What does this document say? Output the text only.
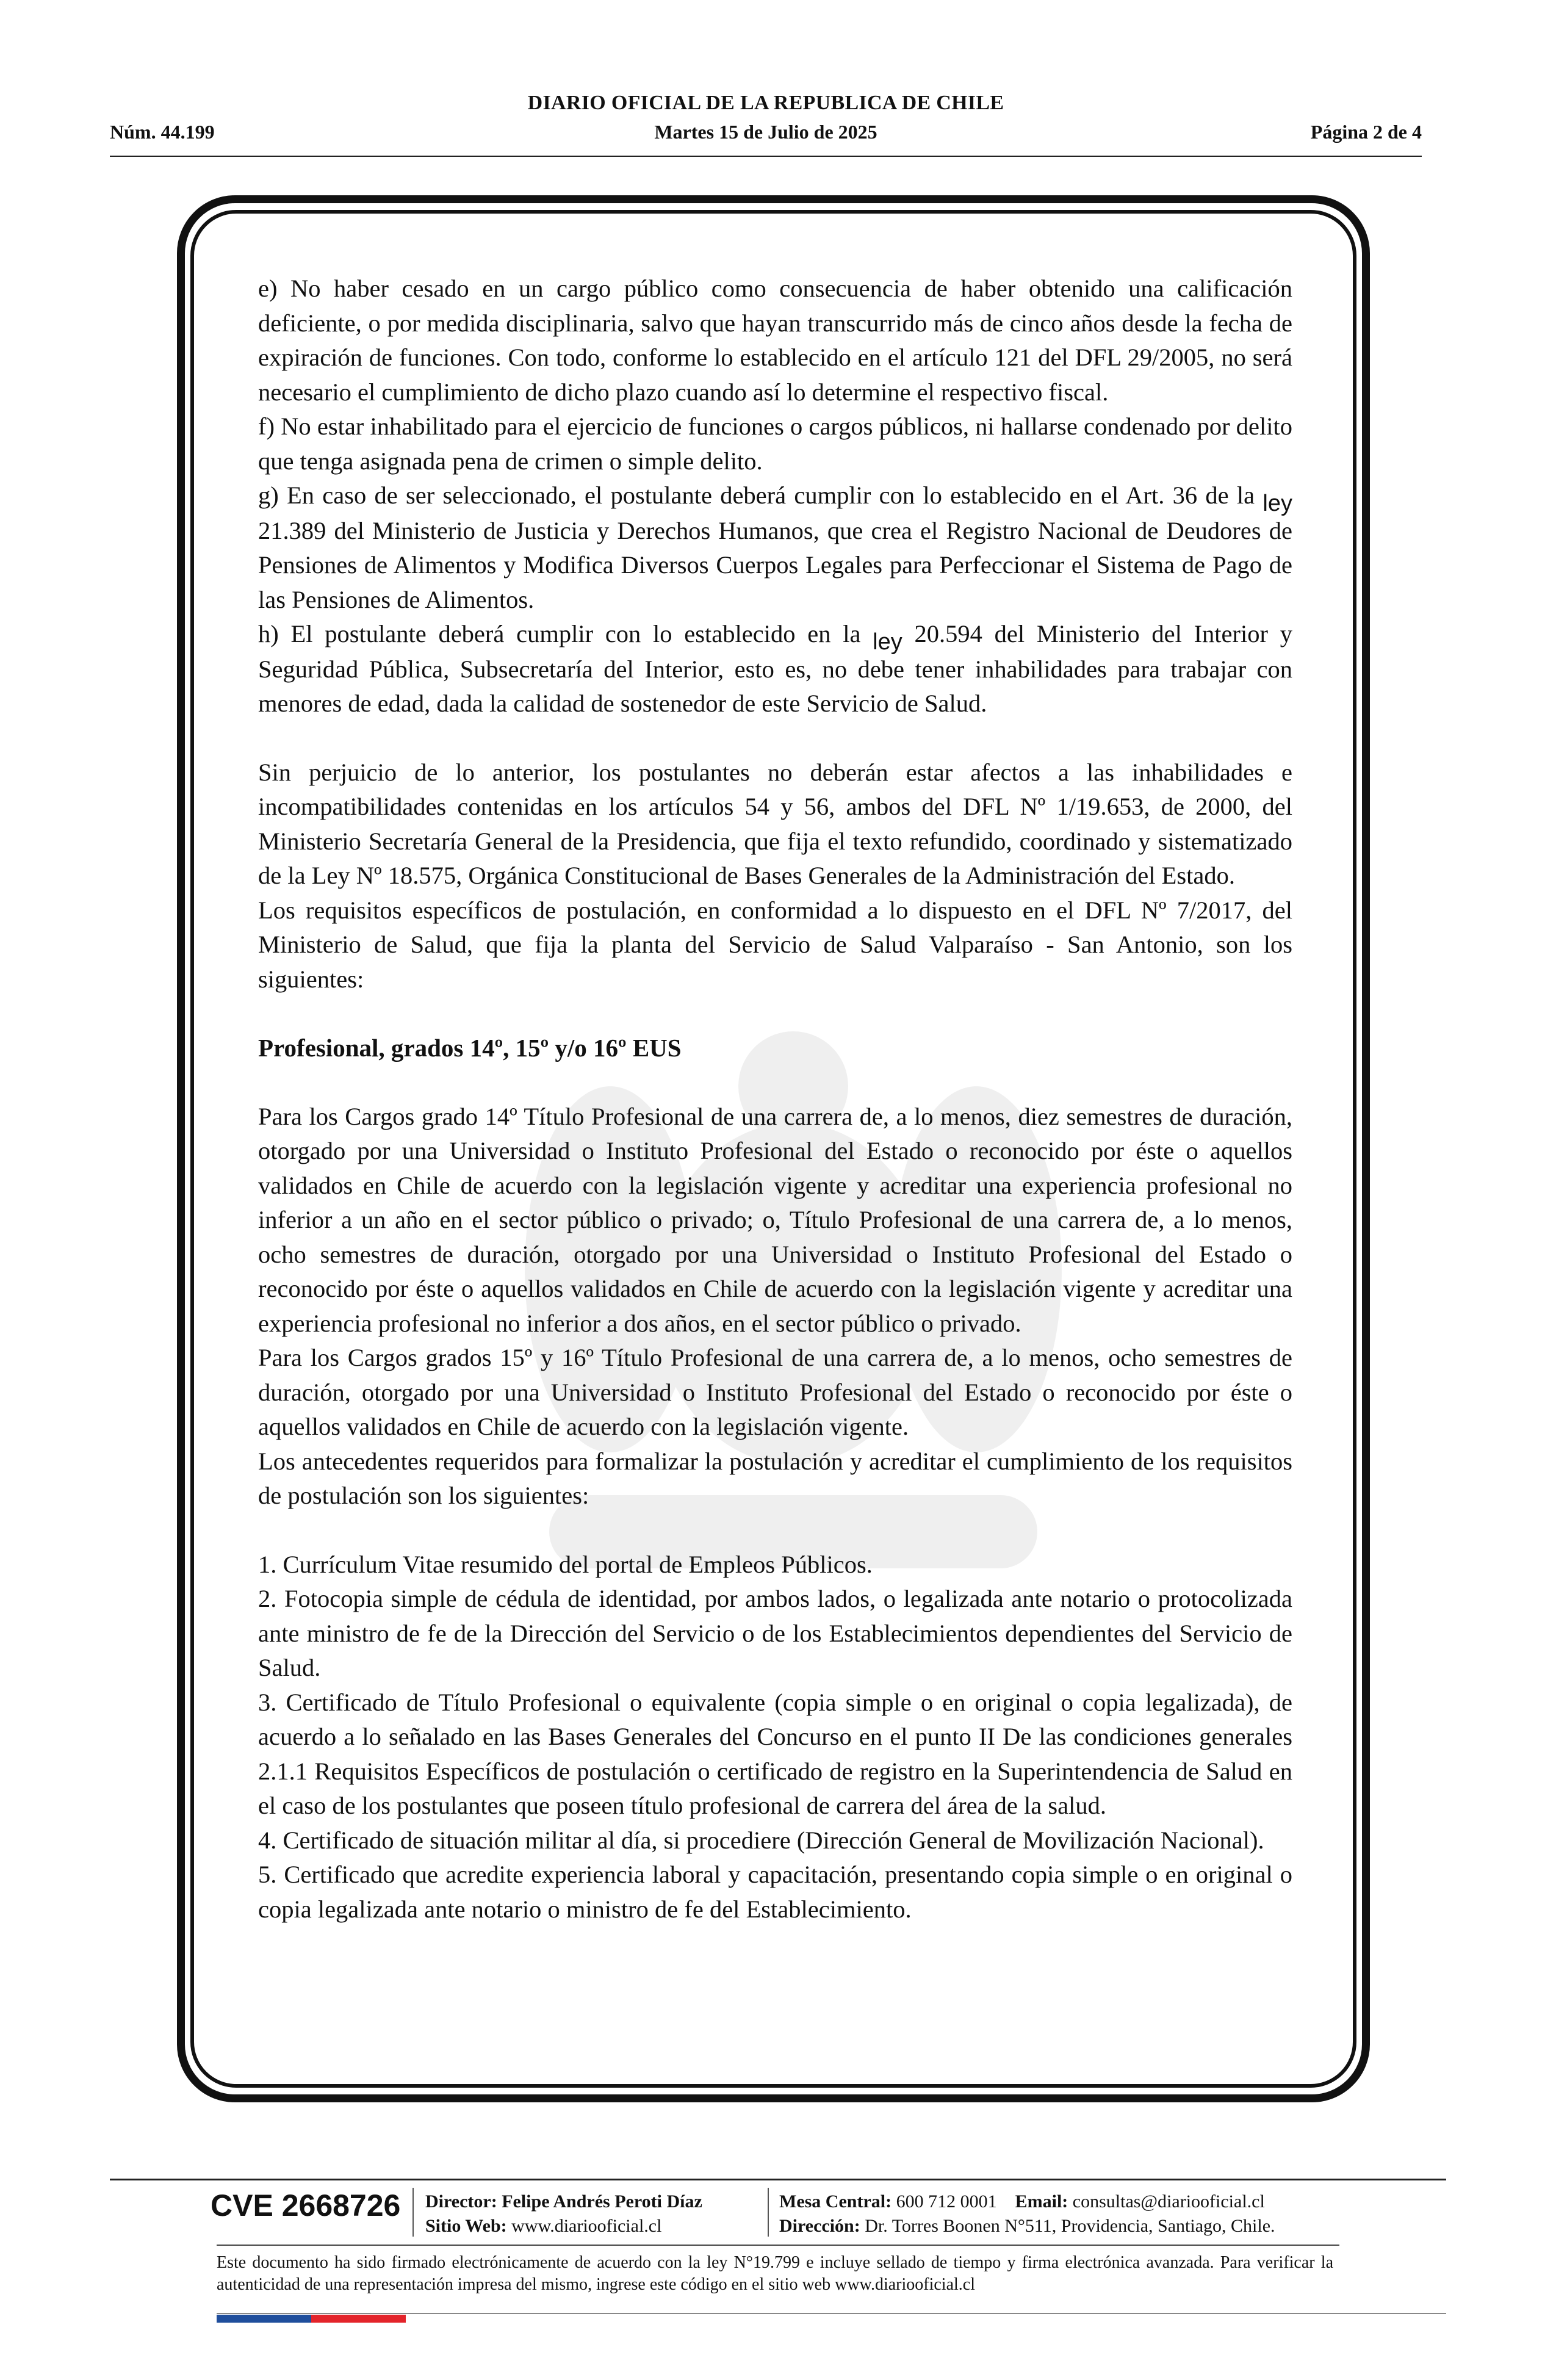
DIARIO OFICIAL DE LA REPUBLICA DE CHILE
Núm. 44.199	Martes 15 de Julio de 2025	Página 2 de 4

e) No haber cesado en un cargo público como consecuencia de haber obtenido una calificación deficiente, o por medida disciplinaria, salvo que hayan transcurrido más de cinco años desde la fecha de expiración de funciones. Con todo, conforme lo establecido en el artículo 121 del DFL 29/2005, no será necesario el cumplimiento de dicho plazo cuando así lo determine el respectivo fiscal.

f) No estar inhabilitado para el ejercicio de funciones o cargos públicos, ni hallarse condenado por delito que tenga asignada pena de crimen o simple delito.

g) En caso de ser seleccionado, el postulante deberá cumplir con lo establecido en el Art. 36 de la ley 21.389 del Ministerio de Justicia y Derechos Humanos, que crea el Registro Nacional de Deudores de Pensiones de Alimentos y Modifica Diversos Cuerpos Legales para Perfeccionar el Sistema de Pago de las Pensiones de Alimentos.

h) El postulante deberá cumplir con lo establecido en la ley 20.594 del Ministerio del Interior y Seguridad Pública, Subsecretaría del Interior, esto es, no debe tener inhabilidades para trabajar con menores de edad, dada la calidad de sostenedor de este Servicio de Salud.

Sin perjuicio de lo anterior, los postulantes no deberán estar afectos a las inhabilidades e incompatibilidades contenidas en los artículos 54 y 56, ambos del DFL Nº 1/19.653, de 2000, del Ministerio Secretaría General de la Presidencia, que fija el texto refundido, coordinado y sistematizado de la Ley Nº 18.575, Orgánica Constitucional de Bases Generales de la Administración del Estado.

Los requisitos específicos de postulación, en conformidad a lo dispuesto en el DFL Nº 7/2017, del Ministerio de Salud, que fija la planta del Servicio de Salud Valparaíso - San Antonio, son los siguientes:

Profesional, grados 14º, 15º y/o 16º EUS

Para los Cargos grado 14º Título Profesional de una carrera de, a lo menos, diez semestres de duración, otorgado por una Universidad o Instituto Profesional del Estado o reconocido por éste o aquellos validados en Chile de acuerdo con la legislación vigente y acreditar una experiencia profesional no inferior a un año en el sector público o privado; o, Título Profesional de una carrera de, a lo menos, ocho semestres de duración, otorgado por una Universidad o Instituto Profesional del Estado o reconocido por éste o aquellos validados en Chile de acuerdo con la legislación vigente y acreditar una experiencia profesional no inferior a dos años, en el sector público o privado.

Para los Cargos grados 15º y 16º Título Profesional de una carrera de, a lo menos, ocho semestres de duración, otorgado por una Universidad o Instituto Profesional del Estado o reconocido por éste o aquellos validados en Chile de acuerdo con la legislación vigente.

Los antecedentes requeridos para formalizar la postulación y acreditar el cumplimiento de los requisitos de postulación son los siguientes:

1. Currículum Vitae resumido del portal de Empleos Públicos.

2. Fotocopia simple de cédula de identidad, por ambos lados, o legalizada ante notario o protocolizada ante ministro de fe de la Dirección del Servicio o de los Establecimientos dependientes del Servicio de Salud.

3. Certificado de Título Profesional o equivalente (copia simple o en original o copia legalizada), de acuerdo a lo señalado en las Bases Generales del Concurso en el punto II De las condiciones generales 2.1.1 Requisitos Específicos de postulación o certificado de registro en la Superintendencia de Salud en el caso de los postulantes que poseen título profesional de carrera del área de la salud.

4. Certificado de situación militar al día, si procediere (Dirección General de Movilización Nacional).

5. Certificado que acredite experiencia laboral y capacitación, presentando copia simple o en original o copia legalizada ante notario o ministro de fe del Establecimiento.

CVE 2668726 Director: Felipe Andrés Peroti Díaz
Sitio Web: www.diariooficial.cl
Mesa Central: 600 712 0001 Email: consultas@diariooficial.cl
Dirección: Dr. Torres Boonen N°511, Providencia, Santiago, Chile.
Este documento ha sido firmado electrónicamente de acuerdo con la ley N°19.799 e incluye sellado de tiempo y firma electrónica avanzada. Para verificar la autenticidad de una representación impresa del mismo, ingrese este código en el sitio web www.diariooficial.cl
